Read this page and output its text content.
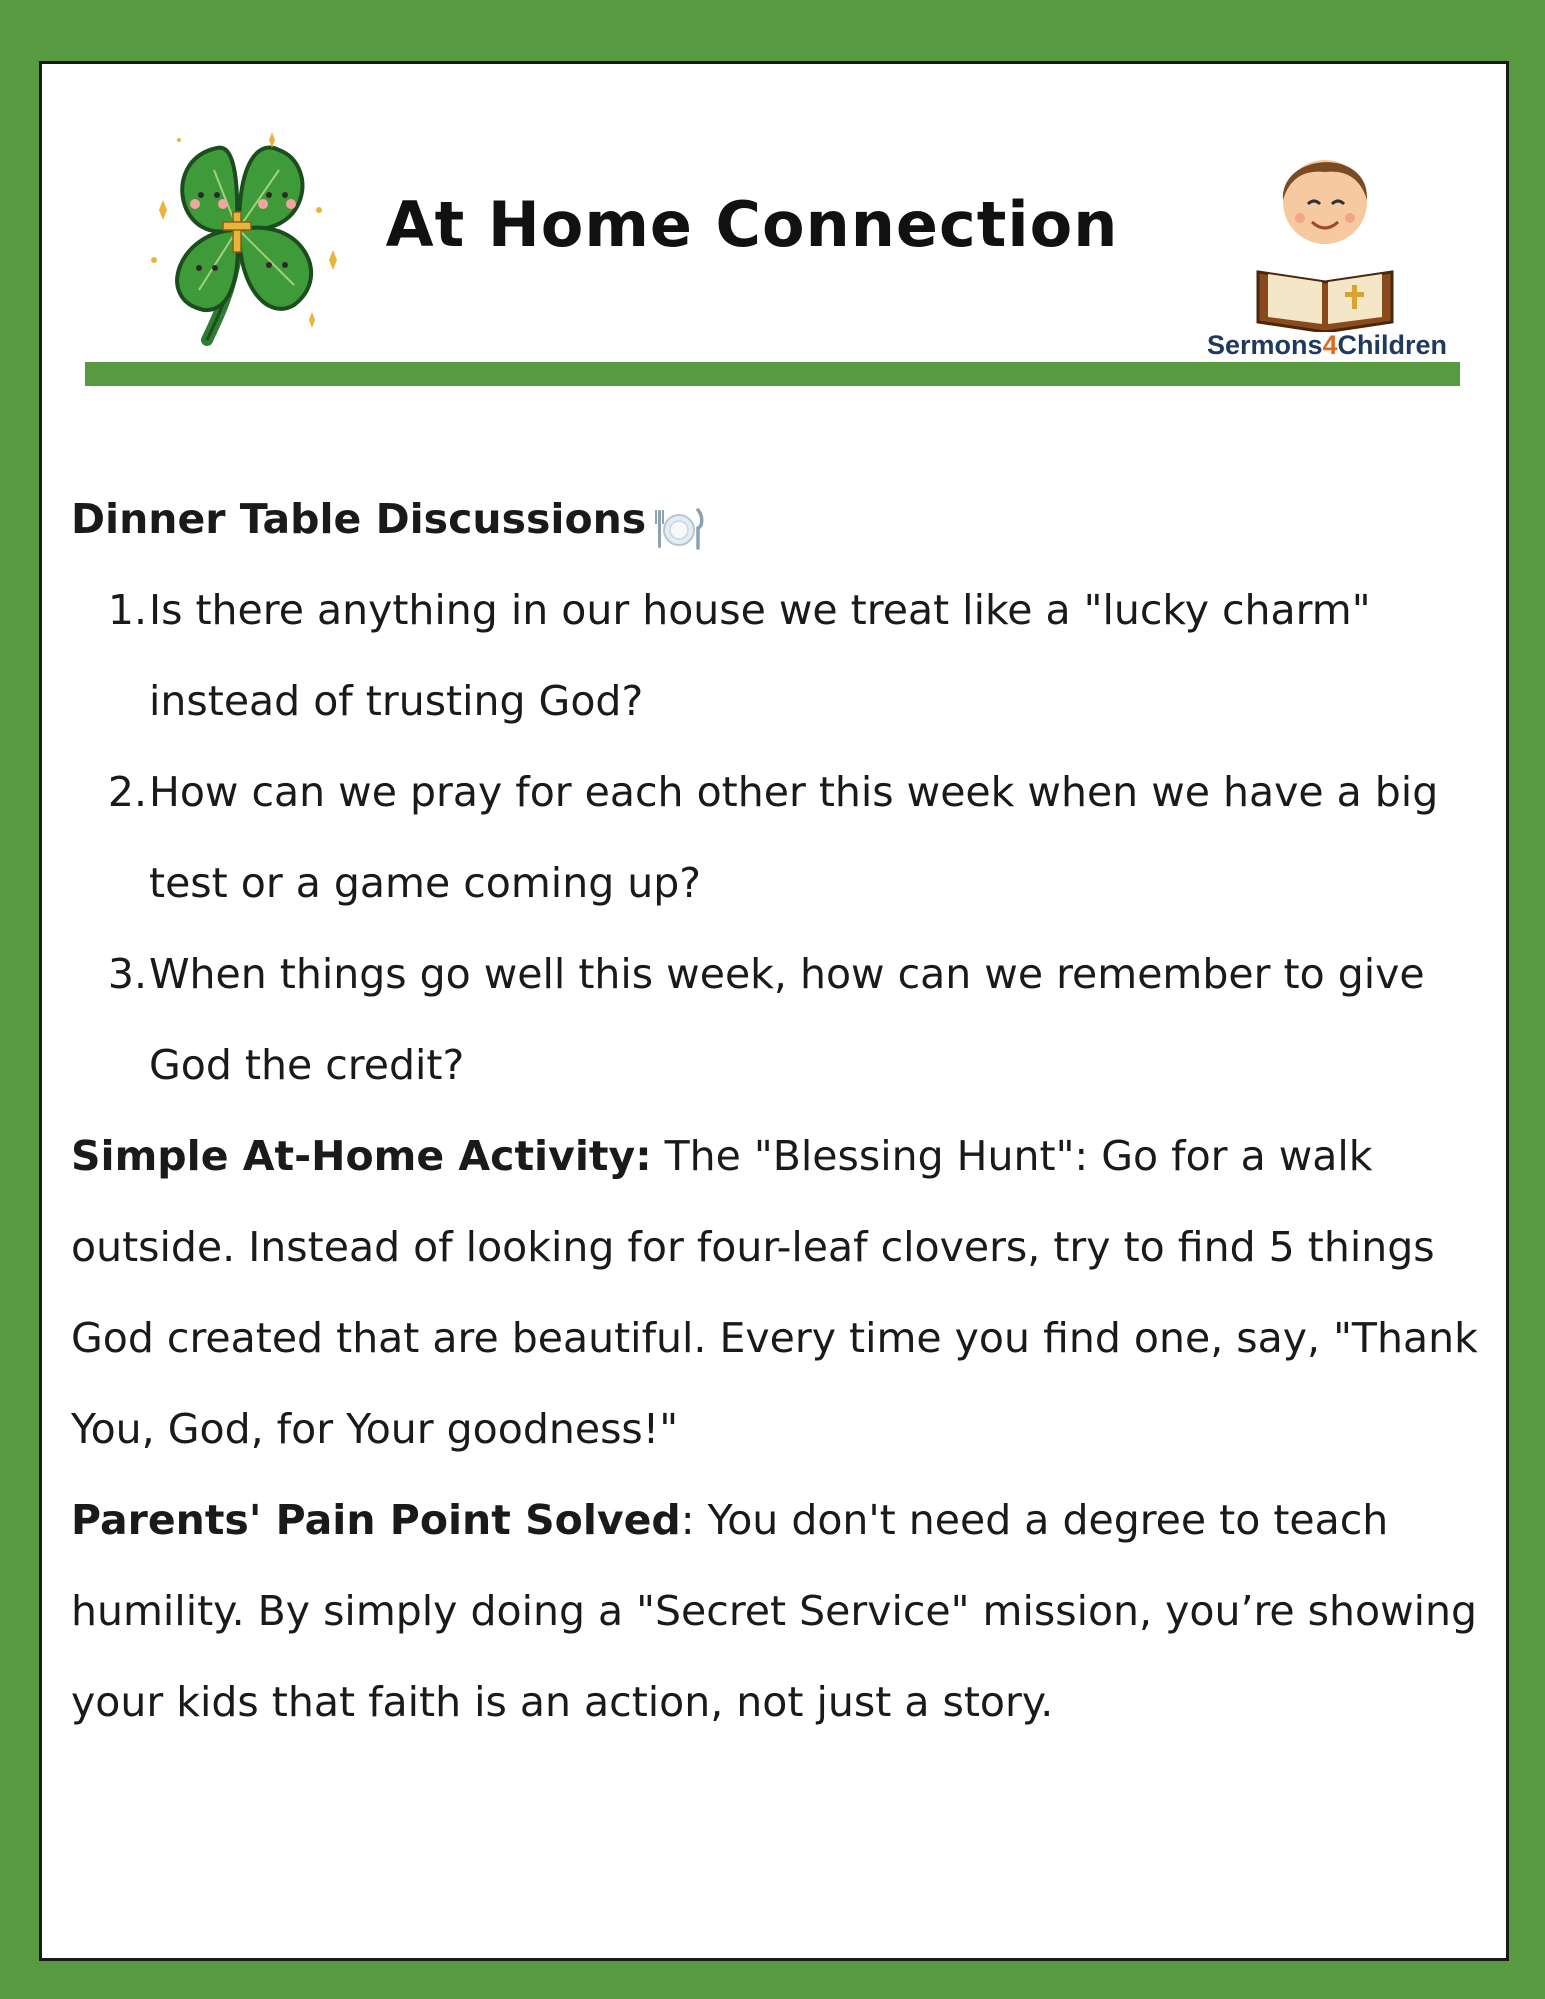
At Home Connection
Sermons4Children
Dinner Table Discussions
1. Is there anything in our house we treat like a "lucky charm" instead of trusting God?
2. How can we pray for each other this week when we have a big test or a game coming up?
3. When things go well this week, how can we remember to give God the credit?

Simple At-Home Activity: The "Blessing Hunt": Go for a walk outside. Instead of looking for four-leaf clovers, try to find 5 things God created that are beautiful. Every time you find one, say, "Thank You, God, for Your goodness!"

Parents' Pain Point Solved: You don't need a degree to teach humility. By simply doing a "Secret Service" mission, you’re showing your kids that faith is an action, not just a story.
